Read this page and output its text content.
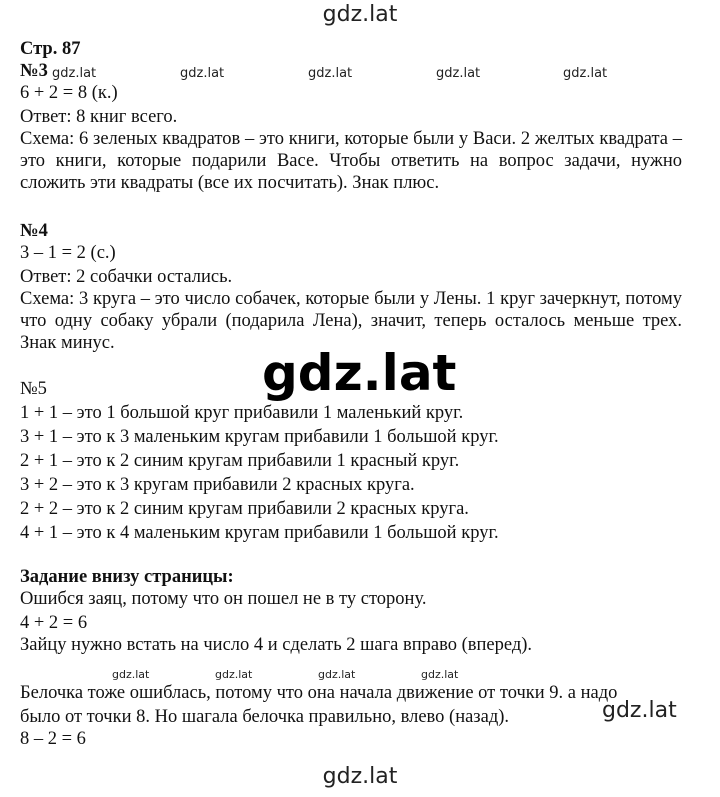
gdz.lat
Стр. 87
№3 gdz.lat	gdz.lat	gdz.lat	gdz.lat	gdz.lat
6 + 2 = 8 (к.)
Ответ: 8 книг всего.
Схема: 6 зеленых квадратов – это книги, которые были у Васи. 2 желтых квадрата – это книги, которые подарили Васе. Чтобы ответить на вопрос задачи, нужно сложить эти квадраты (все их посчитать). Знак плюс.
№4
3 – 1 = 2 (с.)
Ответ: 2 собачки остались.
Схема: 3 круга – это число собачек, которые были у Лены. 1 круг зачеркнут, потому что одну собаку убрали (подарила Лена), значит, теперь осталось меньше трех. Знак минус.
gdz.lat
№5
1 + 1 – это 1 большой круг прибавили 1 маленький круг.
3 + 1 – это к 3 маленьким кругам прибавили 1 большой круг.
2 + 1 – это к 2 синим кругам прибавили 1 красный круг.
3 + 2 – это к 3 кругам прибавили 2 красных круга.
2 + 2 – это к 2 синим кругам прибавили 2 красных круга.
4 + 1 – это к 4 маленьким кругам прибавили 1 большой круг.
Задание внизу страницы:
Ошибся заяц, потому что он пошел не в ту сторону.
4 + 2 = 6
Зайцу нужно встать на число 4 и сделать 2 шага вправо (вперед).
gdz.lat	gdz.lat	gdz.lat	gdz.lat
Белочка тоже ошиблась, потому что она начала движение от точки 9. а надо
было от точки 8. Но шагала белочка правильно, влево (назад).	gdz.lat
8 – 2 = 6
gdz.lat
